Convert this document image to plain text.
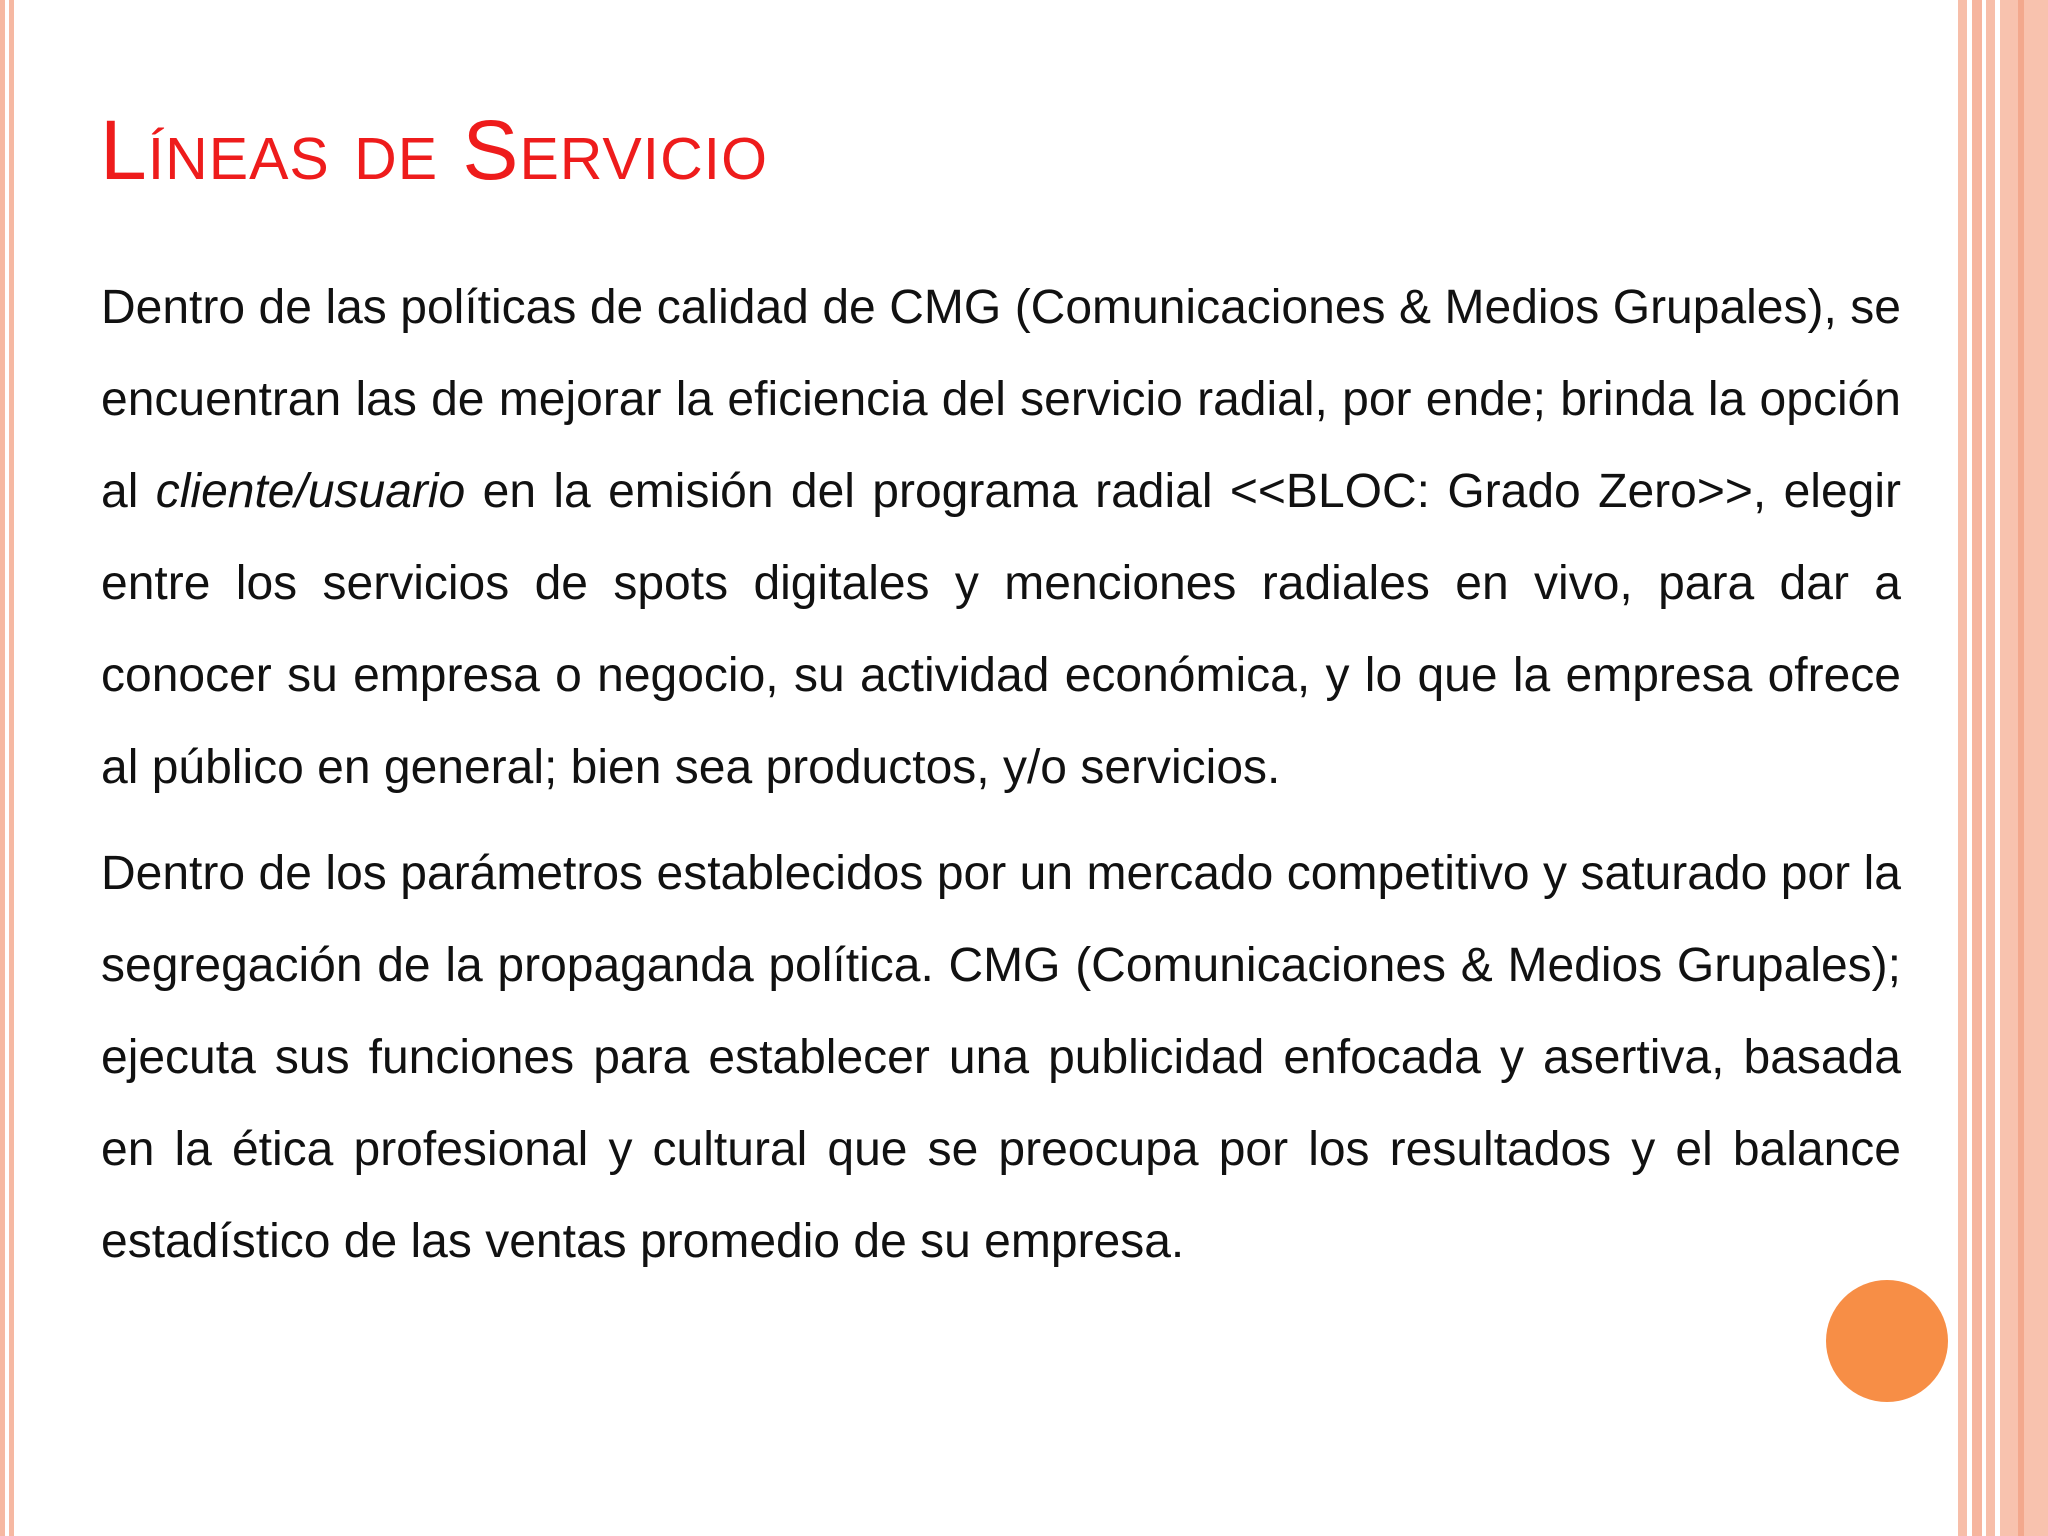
Líneas de Servicio

Dentro de las políticas de calidad de CMG (Comunicaciones & Medios Grupales), se encuentran las de mejorar la eficiencia del servicio radial, por ende; brinda la opción al cliente/usuario en la emisión del programa radial <<BLOC: Grado Zero>>, elegir entre los servicios de spots digitales y menciones radiales en vivo, para dar a conocer su empresa o negocio, su actividad económica, y lo que la empresa ofrece al público en general; bien sea productos, y/o servicios.

Dentro de los parámetros establecidos por un mercado competitivo y saturado por la segregación de la propaganda política. CMG (Comunicaciones & Medios Grupales); ejecuta sus funciones para establecer una publicidad enfocada y asertiva, basada en la ética profesional y cultural que se preocupa por los resultados y el balance estadístico de las ventas promedio de su empresa.
